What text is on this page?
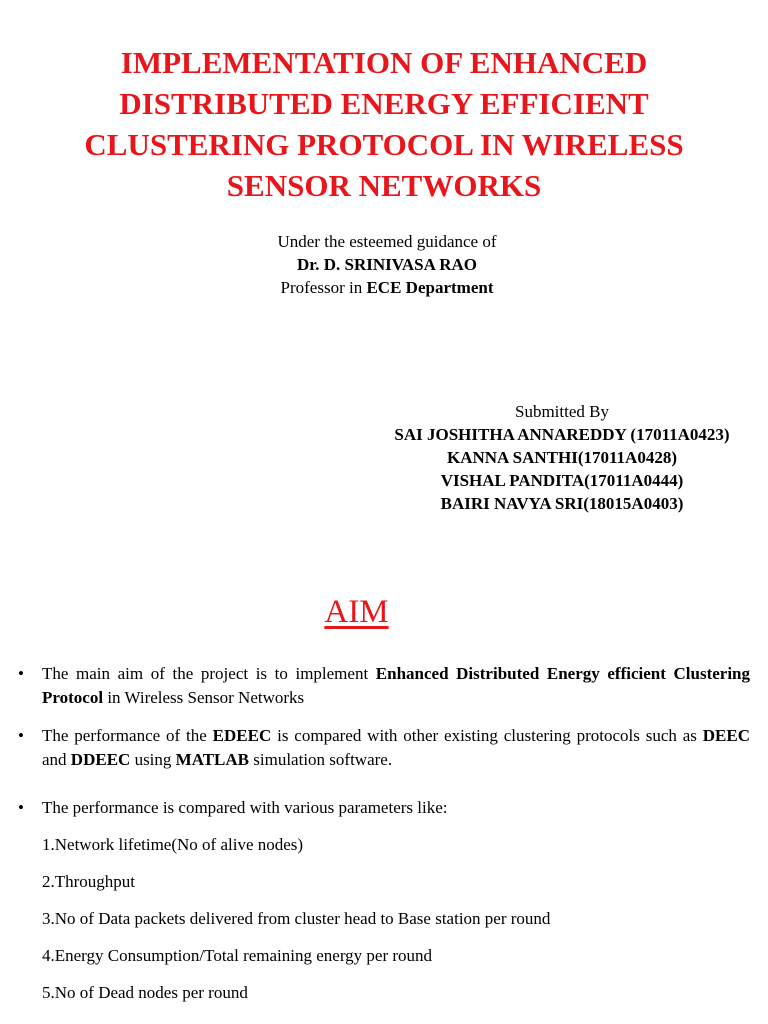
IMPLEMENTATION OF ENHANCED
DISTRIBUTED ENERGY EFFICIENT
CLUSTERING PROTOCOL IN WIRELESS
SENSOR NETWORKS
Under the esteemed guidance of
Dr. D. SRINIVASA RAO
Professor in ECE Department
Submitted By
SAI JOSHITHA ANNAREDDY (17011A0423)
KANNA SANTHI(17011A0428)
VISHAL PANDITA(17011A0444)
BAIRI NAVYA SRI(18015A0403)
AIM
• The main aim of the project is to implement Enhanced Distributed Energy efficient Clustering Protocol in Wireless Sensor Networks
• The performance of the EDEEC is compared with other existing clustering protocols such as DEEC and DDEEC using MATLAB simulation software.
• The performance is compared with various parameters like:
1.Network lifetime(No of alive nodes)
2.Throughput
3.No of Data packets delivered from cluster head to Base station per round
4.Energy Consumption/Total remaining energy per round
5.No of Dead nodes per round
